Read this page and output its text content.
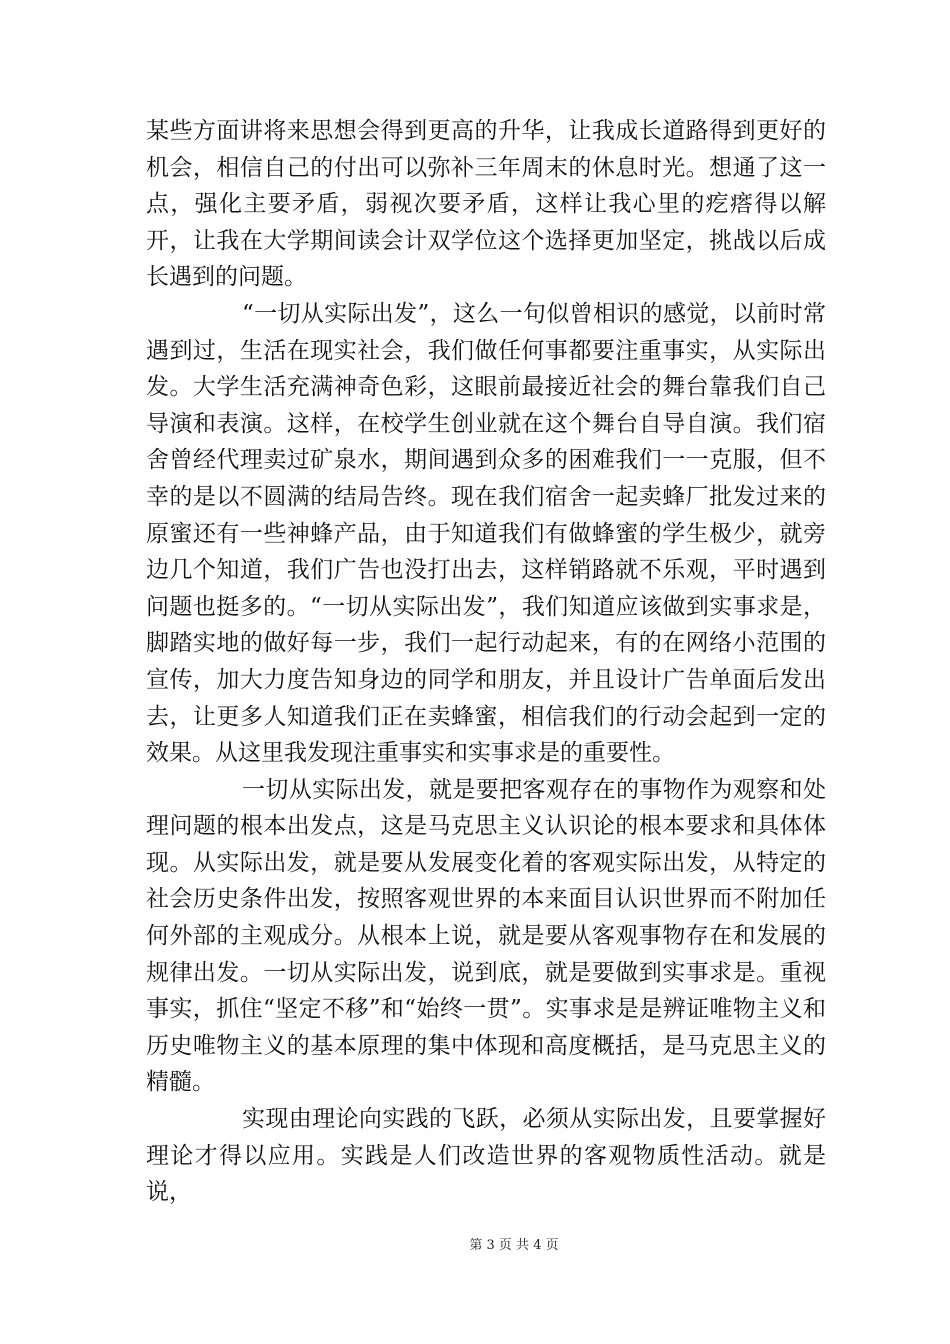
某些方面讲将来思想会得到更高的升华，让我成长道路得到更好的机会，相信自己的付出可以弥补三年周末的休息时光。想通了这一点，强化主要矛盾，弱视次要矛盾，这样让我心里的疙瘩得以解开，让我在大学期间读会计双学位这个选择更加坚定，挑战以后成长遇到的问题。

“一切从实际出发”，这么一句似曾相识的感觉，以前时常遇到过，生活在现实社会，我们做任何事都要注重事实，从实际出发。大学生活充满神奇色彩，这眼前最接近社会的舞台靠我们自己导演和表演。这样，在校学生创业就在这个舞台自导自演。我们宿舍曾经代理卖过矿泉水，期间遇到众多的困难我们一一克服，但不幸的是以不圆满的结局告终。现在我们宿舍一起卖蜂厂批发过来的原蜜还有一些神蜂产品，由于知道我们有做蜂蜜的学生极少，就旁边几个知道，我们广告也没打出去，这样销路就不乐观，平时遇到问题也挺多的。“一切从实际出发”，我们知道应该做到实事求是，脚踏实地的做好每一步，我们一起行动起来，有的在网络小范围的宣传，加大力度告知身边的同学和朋友，并且设计广告单面后发出去，让更多人知道我们正在卖蜂蜜，相信我们的行动会起到一定的效果。从这里我发现注重事实和实事求是的重要性。

一切从实际出发，就是要把客观存在的事物作为观察和处理问题的根本出发点，这是马克思主义认识论的根本要求和具体体现。从实际出发，就是要从发展变化着的客观实际出发，从特定的社会历史条件出发，按照客观世界的本来面目认识世界而不附加任何外部的主观成分。从根本上说，就是要从客观事物存在和发展的规律出发。一切从实际出发，说到底，就是要做到实事求是。重视事实，抓住“坚定不移”和“始终一贯”。实事求是是辨证唯物主义和历史唯物主义的基本原理的集中体现和高度概括，是马克思主义的精髓。

实现由理论向实践的飞跃，必须从实际出发，且要掌握好理论才得以应用。实践是人们改造世界的客观物质性活动。就是说，

第 3 页 共 4 页
